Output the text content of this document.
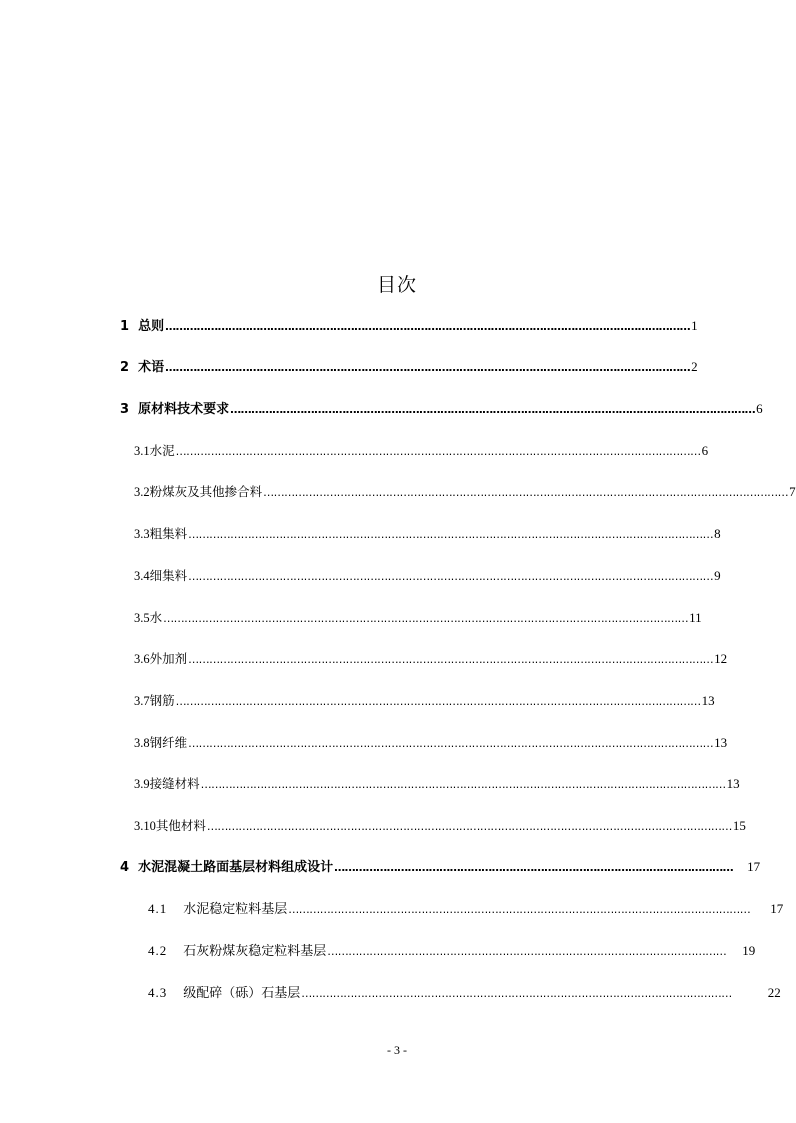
目次
1 总则 …………………………………………………………………………………………………………………………………… 1
2 术语 …………………………………………………………………………………………………………………………………… 2
3 原材料技术要求 …………………………………………………………………………………………………………………………………… 6
3.1水泥 …………………………………………………………………………………………………………………………………… 6
3.2粉煤灰及其他掺合料 …………………………………………………………………………………………………………………………………… 7
3.3粗集料 …………………………………………………………………………………………………………………………………… 8
3.4细集料 …………………………………………………………………………………………………………………………………… 9
3.5水 …………………………………………………………………………………………………………………………………… 11
3.6外加剂 …………………………………………………………………………………………………………………………………… 12
3.7钢筋 …………………………………………………………………………………………………………………………………… 13
3.8钢纤维 …………………………………………………………………………………………………………………………………… 13
3.9接缝材料 …………………………………………………………………………………………………………………………………… 13
3.10其他材料 …………………………………………………………………………………………………………………………………… 15
4 水泥混凝土路面基层材料组成设计 …………………………………………………………………………………………………… 17
4.1 水泥稳定粒料基层 …………………………………………………………………………………………………………………… 17
4.2 石灰粉煤灰稳定粒料基层 …………………………………………………………………………………………………… 19
4.3 级配碎（砾）石基层 ……………………………………………………………………………………………………………	22
- 3 -
